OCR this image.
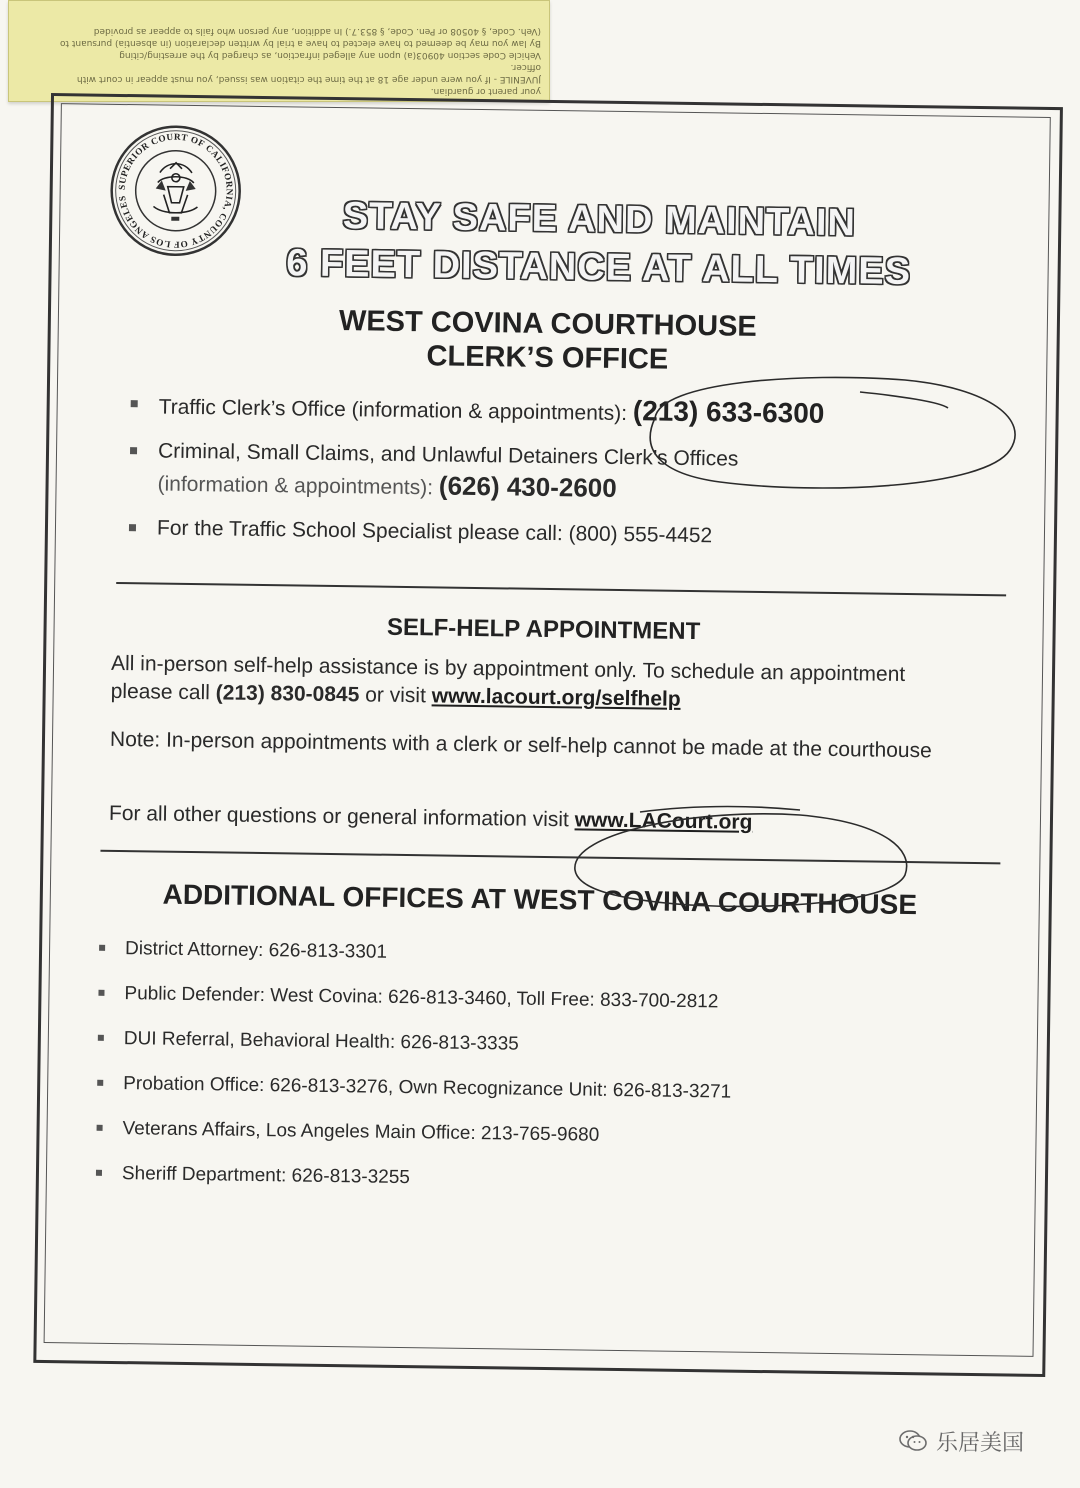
your parent or guardian.
JUVENILE - If you were under age 18 at the time the citation was issued, you must appear in court with
officer.
Vehicle Code section 40903(a) upon any alleged infraction, as charged by the arresting/citing
By law you may be deemed to have elected to have a trial by written declaration (in absentia) pursuant to
(Veh. Code, § 40508 or Pen. Code, § 853.7.) In addition, any person who fails to appear as provided
SUPERIOR COURT OF CALIFORNIA, COUNTY OF LOS ANGELES	STAY SAFE AND MAINTAIN
6 FEET DISTANCE AT ALL TIMES
WEST COVINA COURTHOUSE
CLERK’S OFFICE
Traffic Clerk’s Office (information & appointments): (213) 633-6300
Criminal, Small Claims, and Unlawful Detainers Clerk’s Offices
(information & appointments): (626) 430-2600
For the Traffic School Specialist please call: (800) 555-4452
SELF-HELP APPOINTMENT
All in-person self-help assistance is by appointment only. To schedule an appointment please call (213) 830-0845 or visit www.lacourt.org/selfhelp
Note: In-person appointments with a clerk or self-help cannot be made at the courthouse
For all other questions or general information visit www.LACourt.org
ADDITIONAL OFFICES AT WEST COVINA COURTHOUSE
District Attorney: 626-813-3301
Public Defender: West Covina: 626-813-3460, Toll Free: 833-700-2812
DUI Referral, Behavioral Health: 626-813-3335
Probation Office: 626-813-3276, Own Recognizance Unit: 626-813-3271
Veterans Affairs, Los Angeles Main Office: 213-765-9680
Sheriff Department: 626-813-3255
乐居美国
